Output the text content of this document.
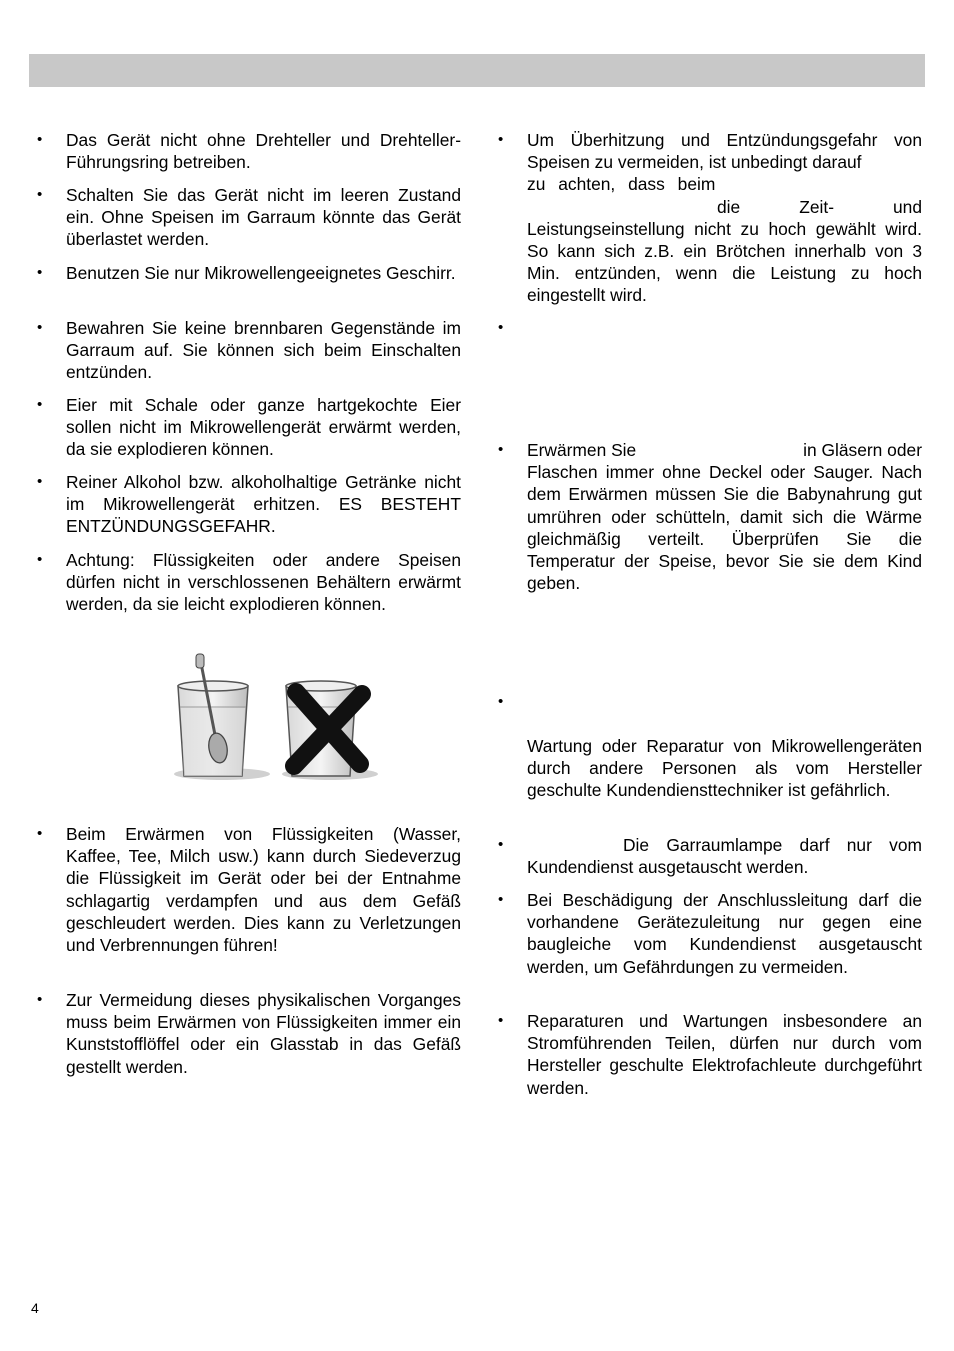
• Das Gerät nicht ohne Drehteller und Drehteller-Führungsring betreiben.
• Schalten Sie das Gerät nicht im leeren Zustand ein. Ohne Speisen im Garraum könnte das Gerät überlastet werden.
• Benutzen Sie nur Mikrowellengeeignetes Geschirr.
• Bewahren Sie keine brennbaren Gegenstände im Garraum auf. Sie können sich beim Einschalten entzünden.
• Eier mit Schale oder ganze hartgekochte Eier sollen nicht im Mikrowellengerät erwärmt werden, da sie explodieren können.
• Reiner Alkohol bzw. alkoholhaltige Getränke nicht im Mikrowellengerät erhitzen. ES BESTEHT ENTZÜNDUNGSGEFAHR.
• Achtung: Flüssigkeiten oder andere Speisen dürfen nicht in verschlossenen Behältern erwärmt werden, da sie leicht explodieren können.
• Beim Erwärmen von Flüssigkeiten (Wasser, Kaffee, Tee, Milch usw.) kann durch Siedeverzug die Flüssigkeit im Gerät oder bei der Entnahme schlagartig verdampfen und aus dem Gefäß geschleudert werden. Dies kann zu Verletzungen und Verbrennungen führen!
• Zur Vermeidung dieses physikalischen Vorganges muss beim Erwärmen von Flüssigkeiten immer ein Kunststofflöffel oder ein Glasstab in das Gefäß gestellt werden.
• Um Überhitzung und Entzündungsgefahr von Speisen zu vermeiden, ist unbedingt darauf
zu achten, dass beim
die Zeit- und
Leistungseinstellung nicht zu hoch gewählt wird. So kann sich z.B. ein Brötchen innerhalb von 3 Min. entzünden, wenn die Leistung zu hoch eingestellt wird.
•
• Erwärmen Sie	in Gläsern oder
Flaschen immer ohne Deckel oder Sauger. Nach dem Erwärmen müssen Sie die Babynahrung gut umrühren oder schütteln, damit sich die Wärme gleichmäßig verteilt. Überprüfen Sie die Temperatur der Speise, bevor Sie sie dem Kind geben.
•
Wartung oder Reparatur von Mikrowellengeräten durch andere Personen als vom Hersteller geschulte Kundendiensttechniker ist gefährlich.
•	Die Garraumlampe darf nur vom Kundendienst ausgetauscht werden.
• Bei Beschädigung der Anschlussleitung darf die vorhandene Gerätezuleitung nur gegen eine baugleiche vom Kundendienst ausgetauscht werden, um Gefährdungen zu vermeiden.
• Reparaturen und Wartungen insbesondere an Stromführenden Teilen, dürfen nur durch vom Hersteller geschulte Elektrofachleute durchgeführt werden.
4
